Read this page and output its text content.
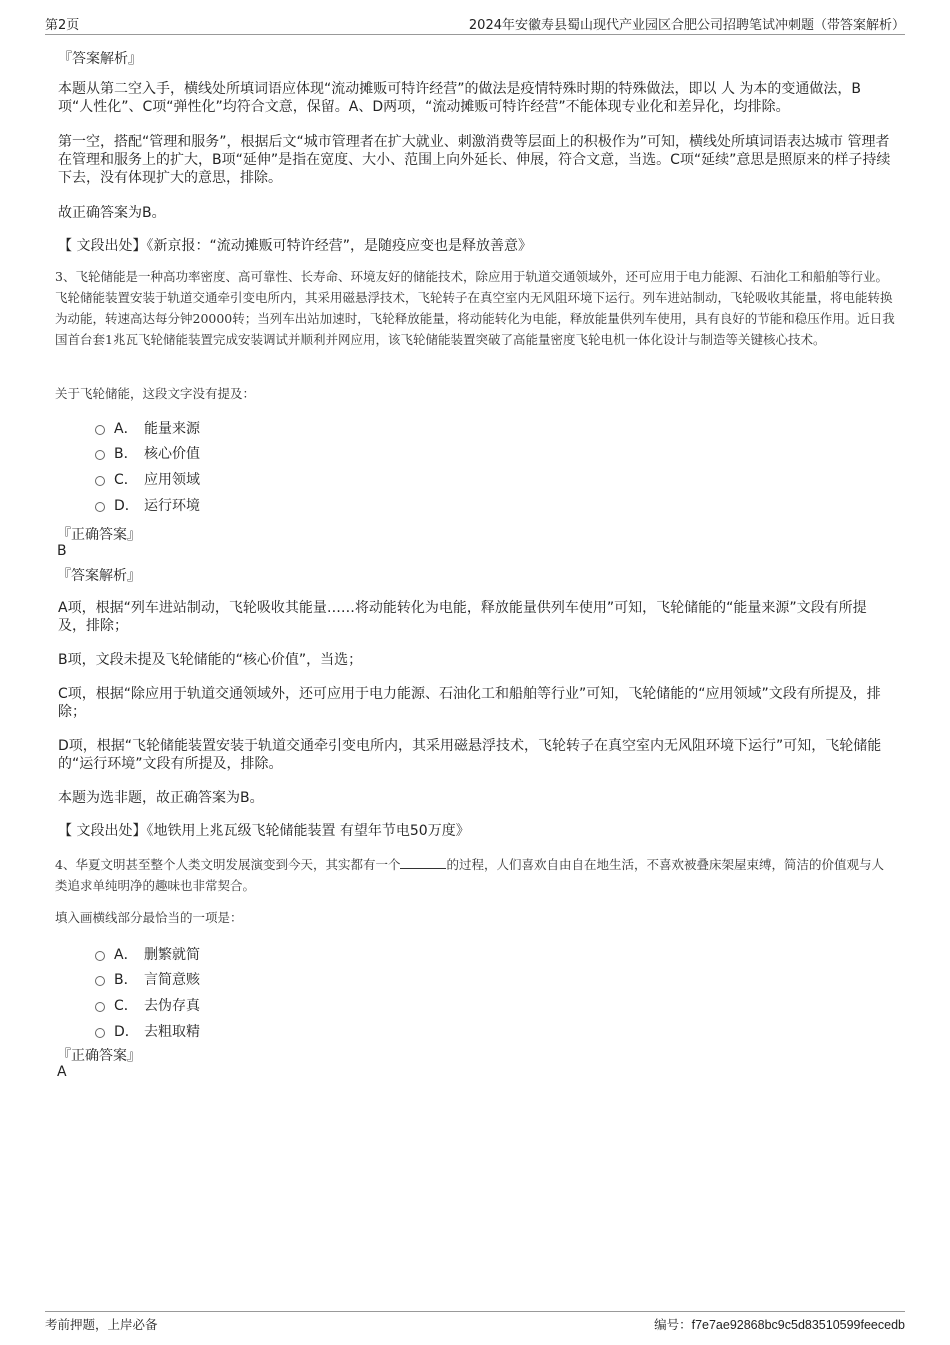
第2页	2024年安徽寿县蜀山现代产业园区合肥公司招聘笔试冲刺题（带答案解析）
『答案解析』
本题从第二空入手，横线处所填词语应体现“流动摊贩可特许经营”的做法是疫情特殊时期的特殊做法，即以 人 为本的变通做法，B项“人性化”、C项“弹性化”均符合文意，保留。A、D两项，“流动摊贩可特许经营”不能体现专业化和差异化，均排除。
第一空，搭配“管理和服务”，根据后文“城市管理者在扩大就业、刺激消费等层面上的积极作为”可知，横线处所填词语表达城市 管理者在管理和服务上的扩大，B项“延伸”是指在宽度、大小、范围上向外延长、伸展，符合文意，当选。C项“延续”意思是照原来的样子持续下去，没有体现扩大的意思，排除。
故正确答案为B。
【 文段出处】《新京报：“流动摊贩可特许经营”，是随疫应变也是释放善意》
3、飞轮储能是一种高功率密度、高可靠性、长寿命、环境友好的储能技术，除应用于轨道交通领域外，还可应用于电力能源、石油化工和船舶等行业。飞轮储能装置安装于轨道交通牵引变电所内，其采用磁悬浮技术，飞轮转子在真空室内无风阻环境下运行。列车进站制动，飞轮吸收其能量，将电能转换为动能，转速高达每分钟20000转；当列车出站加速时，飞轮释放能量，将动能转化为电能，释放能量供列车使用，具有良好的节能和稳压作用。近日我国首台套1兆瓦飞轮储能装置完成安装调试并顺利并网应用，该飞轮储能装置突破了高能量密度飞轮电机一体化设计与制造等关键核心技术。
关于飞轮储能，这段文字没有提及：
A． 能量来源
B． 核心价值
C． 应用领域
D． 运行环境
『正确答案』
B
『答案解析』
A项，根据“列车进站制动，飞轮吸收其能量……将动能转化为电能，释放能量供列车使用”可知，飞轮储能的“能量来源”文段有所提及，排除；
B项，文段未提及飞轮储能的“核心价值”，当选；
C项，根据“除应用于轨道交通领域外，还可应用于电力能源、石油化工和船舶等行业”可知，飞轮储能的“应用领域”文段有所提及，排除；
D项，根据“飞轮储能装置安装于轨道交通牵引变电所内，其采用磁悬浮技术，飞轮转子在真空室内无风阻环境下运行”可知，飞轮储能的“运行环境”文段有所提及，排除。
本题为选非题，故正确答案为B。
【 文段出处】《地铁用上兆瓦级飞轮储能装置 有望年节电50万度》
4、华夏文明甚至整个人类文明发展演变到今天，其实都有一个	的过程，人们喜欢自由自在地生活，不喜欢被叠床架屋束缚，简洁的价值观与人类追求单纯明净的趣味也非常契合。
填入画横线部分最恰当的一项是：
A． 删繁就简
B． 言简意赅
C． 去伪存真
D． 去粗取精
『正确答案』
A
考前押题，上岸必备	编号：f7e7ae92868bc9c5d83510599feecedb
